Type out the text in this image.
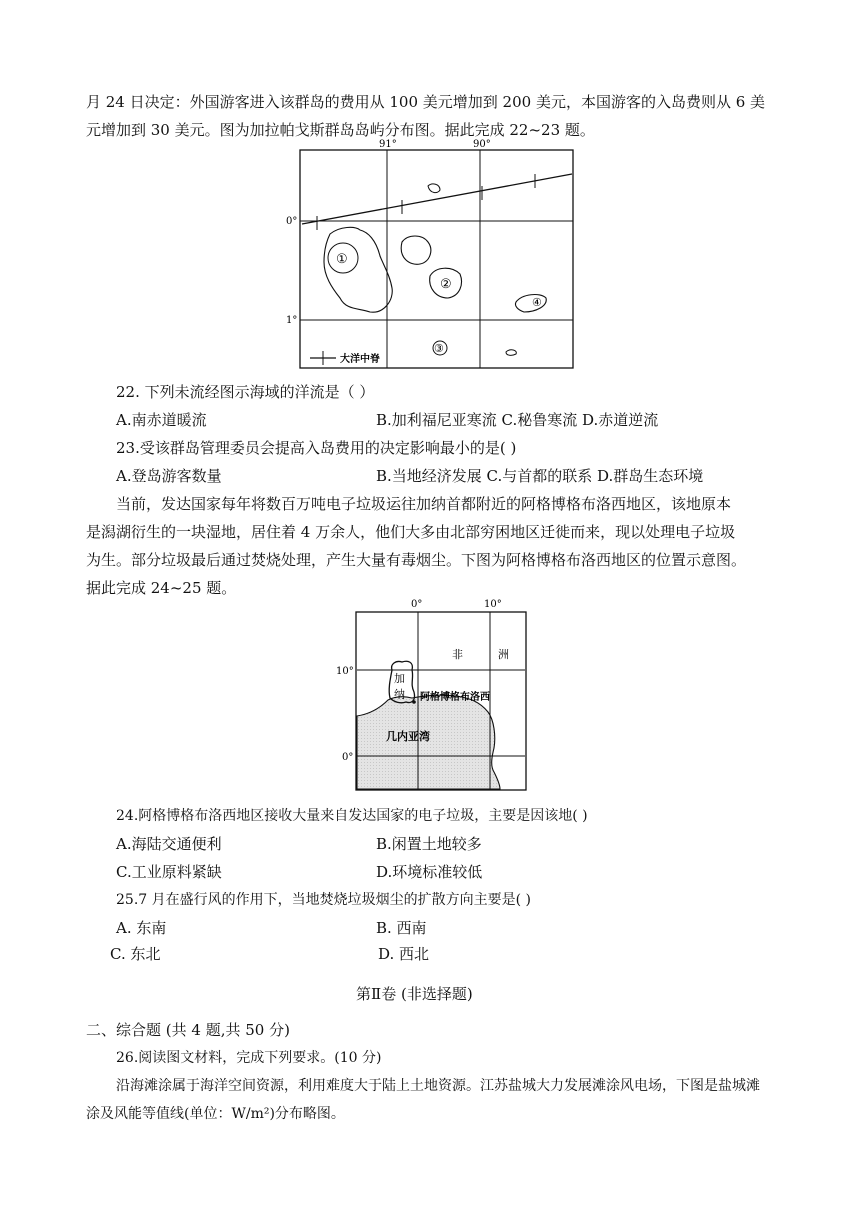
月 24 日决定：外国游客进入该群岛的费用从 100 美元增加到 200 美元，本国游客的入岛费则从 6 美
元增加到 30 美元。图为加拉帕戈斯群岛岛屿分布图。据此完成 22~23 题。
91°	90°
0°
1°
①
②
④
③
大洋中脊
22. 下列未流经图示海域的洋流是（ ）
A.南赤道暖流	B.加利福尼亚寒流 C.秘鲁寒流 D.赤道逆流
23.受该群岛管理委员会提高入岛费用的决定影响最小的是( )
A.登岛游客数量	B.当地经济发展 C.与首都的联系 D.群岛生态环境
当前，发达国家每年将数百万吨电子垃圾运往加纳首都附近的阿格博格布洛西地区，该地原本
是潟湖衍生的一块湿地，居住着 4 万余人，他们大多由北部穷困地区迁徙而来，现以处理电子垃圾
为生。部分垃圾最后通过焚烧处理，产生大量有毒烟尘。下图为阿格博格布洛西地区的位置示意图。
据此完成 24~25 题。
0°	10°
10°
0°
加
纳
非	洲
阿格博格布洛西
几内亚湾
24.阿格博格布洛西地区接收大量来自发达国家的电子垃圾，主要是因该地( )
A.海陆交通便利	B.闲置土地较多
C.工业原料紧缺	D.环境标准较低
25.7 月在盛行风的作用下，当地焚烧垃圾烟尘的扩散方向主要是( )
A. 东南	B. 西南
C. 东北	D. 西北
第Ⅱ卷 (非选择题)
二、综合题 (共 4 题,共 50 分)
26.阅读图文材料，完成下列要求。(10 分)
沿海滩涂属于海洋空间资源，利用难度大于陆上土地资源。江苏盐城大力发展滩涂风电场，下图是盐城滩
涂及风能等值线(单位：W/m²)分布略图。
